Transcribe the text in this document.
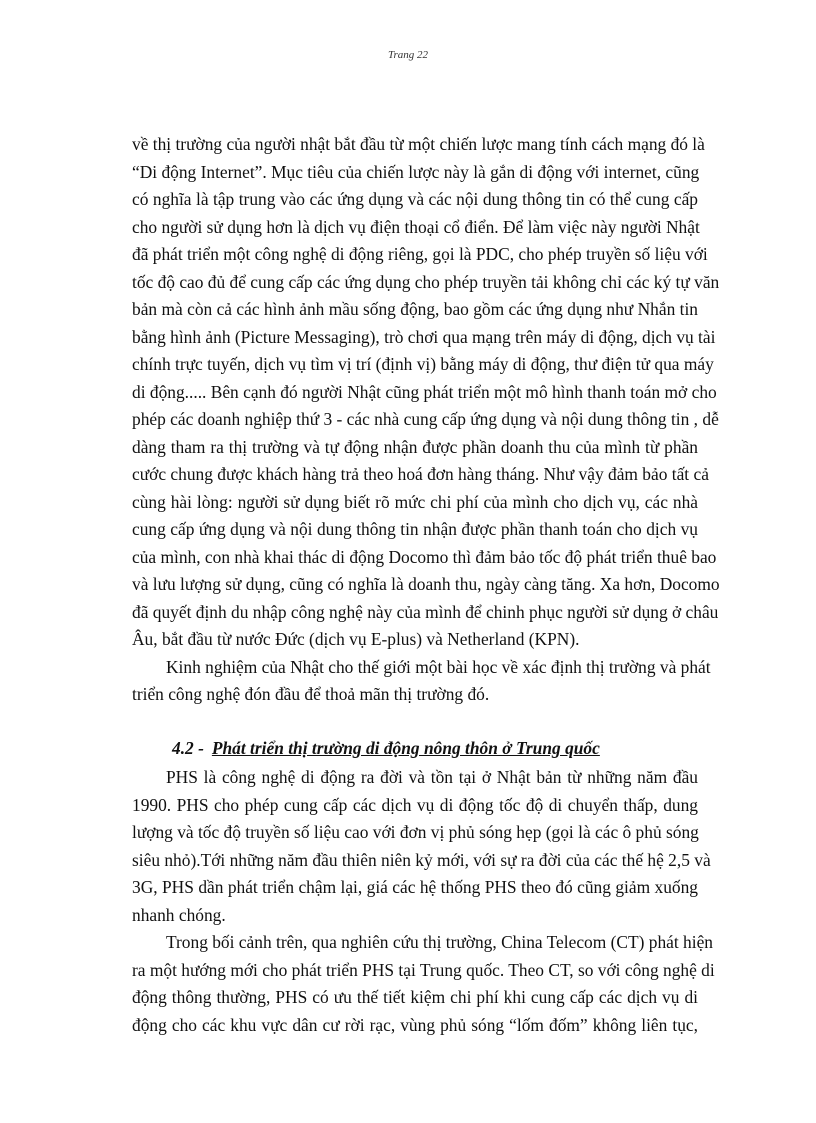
Trang 22
về thị trường của người nhật bắt đầu từ một chiến lược mang tính cách mạng đó là
“Di động Internet”. Mục tiêu của chiến lược này là gắn di động với internet, cũng
có nghĩa là tập trung vào các ứng dụng và các nội dung thông tin có thể cung cấp
cho người sử dụng hơn là dịch vụ điện thoại cổ điển. Để làm việc này người Nhật
đã phát triển một công nghệ di động riêng, gọi là PDC, cho phép truyền số liệu với
tốc độ cao đủ để cung cấp các ứng dụng cho phép truyền tải không chỉ các ký tự văn
bản mà còn cả các hình ảnh mầu sống động, bao gồm các ứng dụng như Nhắn tin
bằng hình ảnh (Picture Messaging), trò chơi qua mạng trên máy di động, dịch vụ tài
chính trực tuyến, dịch vụ tìm vị trí (định vị) bằng máy di động, thư điện tử qua máy
di động..... Bên cạnh đó người Nhật cũng phát triển một mô hình thanh toán mở cho
phép các doanh nghiệp thứ 3 - các nhà cung cấp ứng dụng và nội dung thông tin , dễ
dàng tham ra thị trường và tự động nhận được phần doanh thu của mình từ phần
cước chung được khách hàng trả theo hoá đơn hàng tháng. Như vậy đảm bảo tất cả
cùng hài lòng: người sử dụng biết rõ mức chi phí của mình cho dịch vụ, các nhà
cung cấp ứng dụng và nội dung thông tin nhận được phần thanh toán cho dịch vụ
của mình, con nhà khai thác di động Docomo thì đảm bảo tốc độ phát triển thuê bao
và lưu lượng sử dụng, cũng có nghĩa là doanh thu, ngày càng tăng. Xa hơn, Docomo
đã quyết định du nhập công nghệ này của mình để chinh phục người sử dụng ở châu
Âu, bắt đầu từ nước Đức (dịch vụ E-plus) và Netherland (KPN).
Kinh nghiệm của Nhật cho thế giới một bài học về xác định thị trường và phát
triển công nghệ đón đầu để thoả mãn thị trường đó.
4.2 - Phát triển thị trường di động nông thôn ở Trung quốc
PHS là công nghệ di động ra đời và tồn tại ở Nhật bản từ những năm đầu
1990. PHS cho phép cung cấp các dịch vụ di động tốc độ di chuyển thấp, dung
lượng và tốc độ truyền số liệu cao với đơn vị phủ sóng hẹp (gọi là các ô phủ sóng
siêu nhỏ).Tới những năm đầu thiên niên kỷ mới, với sự ra đời của các thế hệ 2,5 và
3G, PHS dần phát triển chậm lại, giá các hệ thống PHS theo đó cũng giảm xuống
nhanh chóng.
Trong bối cảnh trên, qua nghiên cứu thị trường, China Telecom (CT) phát hiện
ra một hướng mới cho phát triển PHS tại Trung quốc. Theo CT, so với công nghệ di
động thông thường, PHS có ưu thế tiết kiệm chi phí khi cung cấp các dịch vụ di
động cho các khu vực dân cư rời rạc, vùng phủ sóng “lốm đốm” không liên tục,
